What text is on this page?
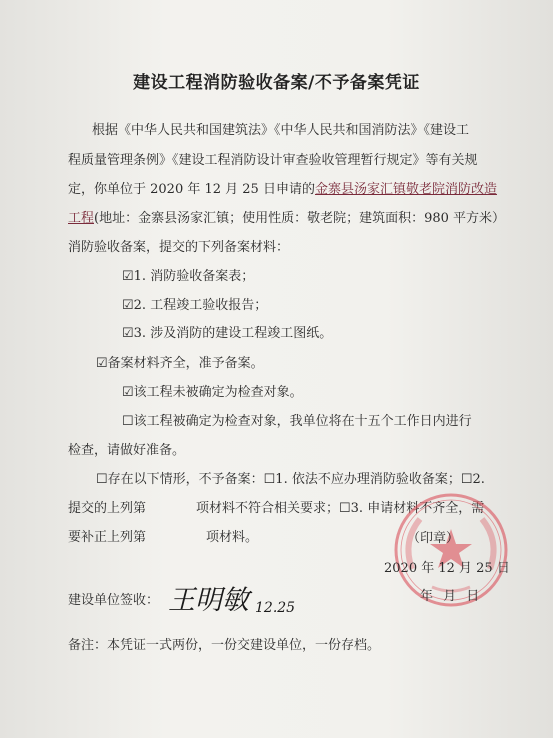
建设工程消防验收备案/不予备案凭证
根据《中华人民共和国建筑法》《中华人民共和国消防法》《建设工
程质量管理条例》《建设工程消防设计审查验收管理暂行规定》等有关规
定，你单位于 2020 年 12 月 25 日申请的金寨县汤家汇镇敬老院消防改造
工程(地址：金寨县汤家汇镇；使用性质：敬老院；建筑面积：980 平方米）
消防验收备案，提交的下列备案材料：
☑1. 消防验收备案表；
☑2. 工程竣工验收报告；
☑3. 涉及消防的建设工程竣工图纸。
☑备案材料齐全，准予备案。
☑该工程未被确定为检查对象。
☐该工程被确定为检查对象，我单位将在十五个工作日内进行
检查，请做好准备。
☐存在以下情形，不予备案：☐1. 依法不应办理消防验收备案；☐2.
提交的上列第	项材料不符合相关要求；☐3. 申请材料不齐全，需
要补正上列第	项材料。	（印章）
2020 年 12 月 25 日
建设单位签收： 王明敏 12.25
年 月 日
备注：本凭证一式两份，一份交建设单位，一份存档。
